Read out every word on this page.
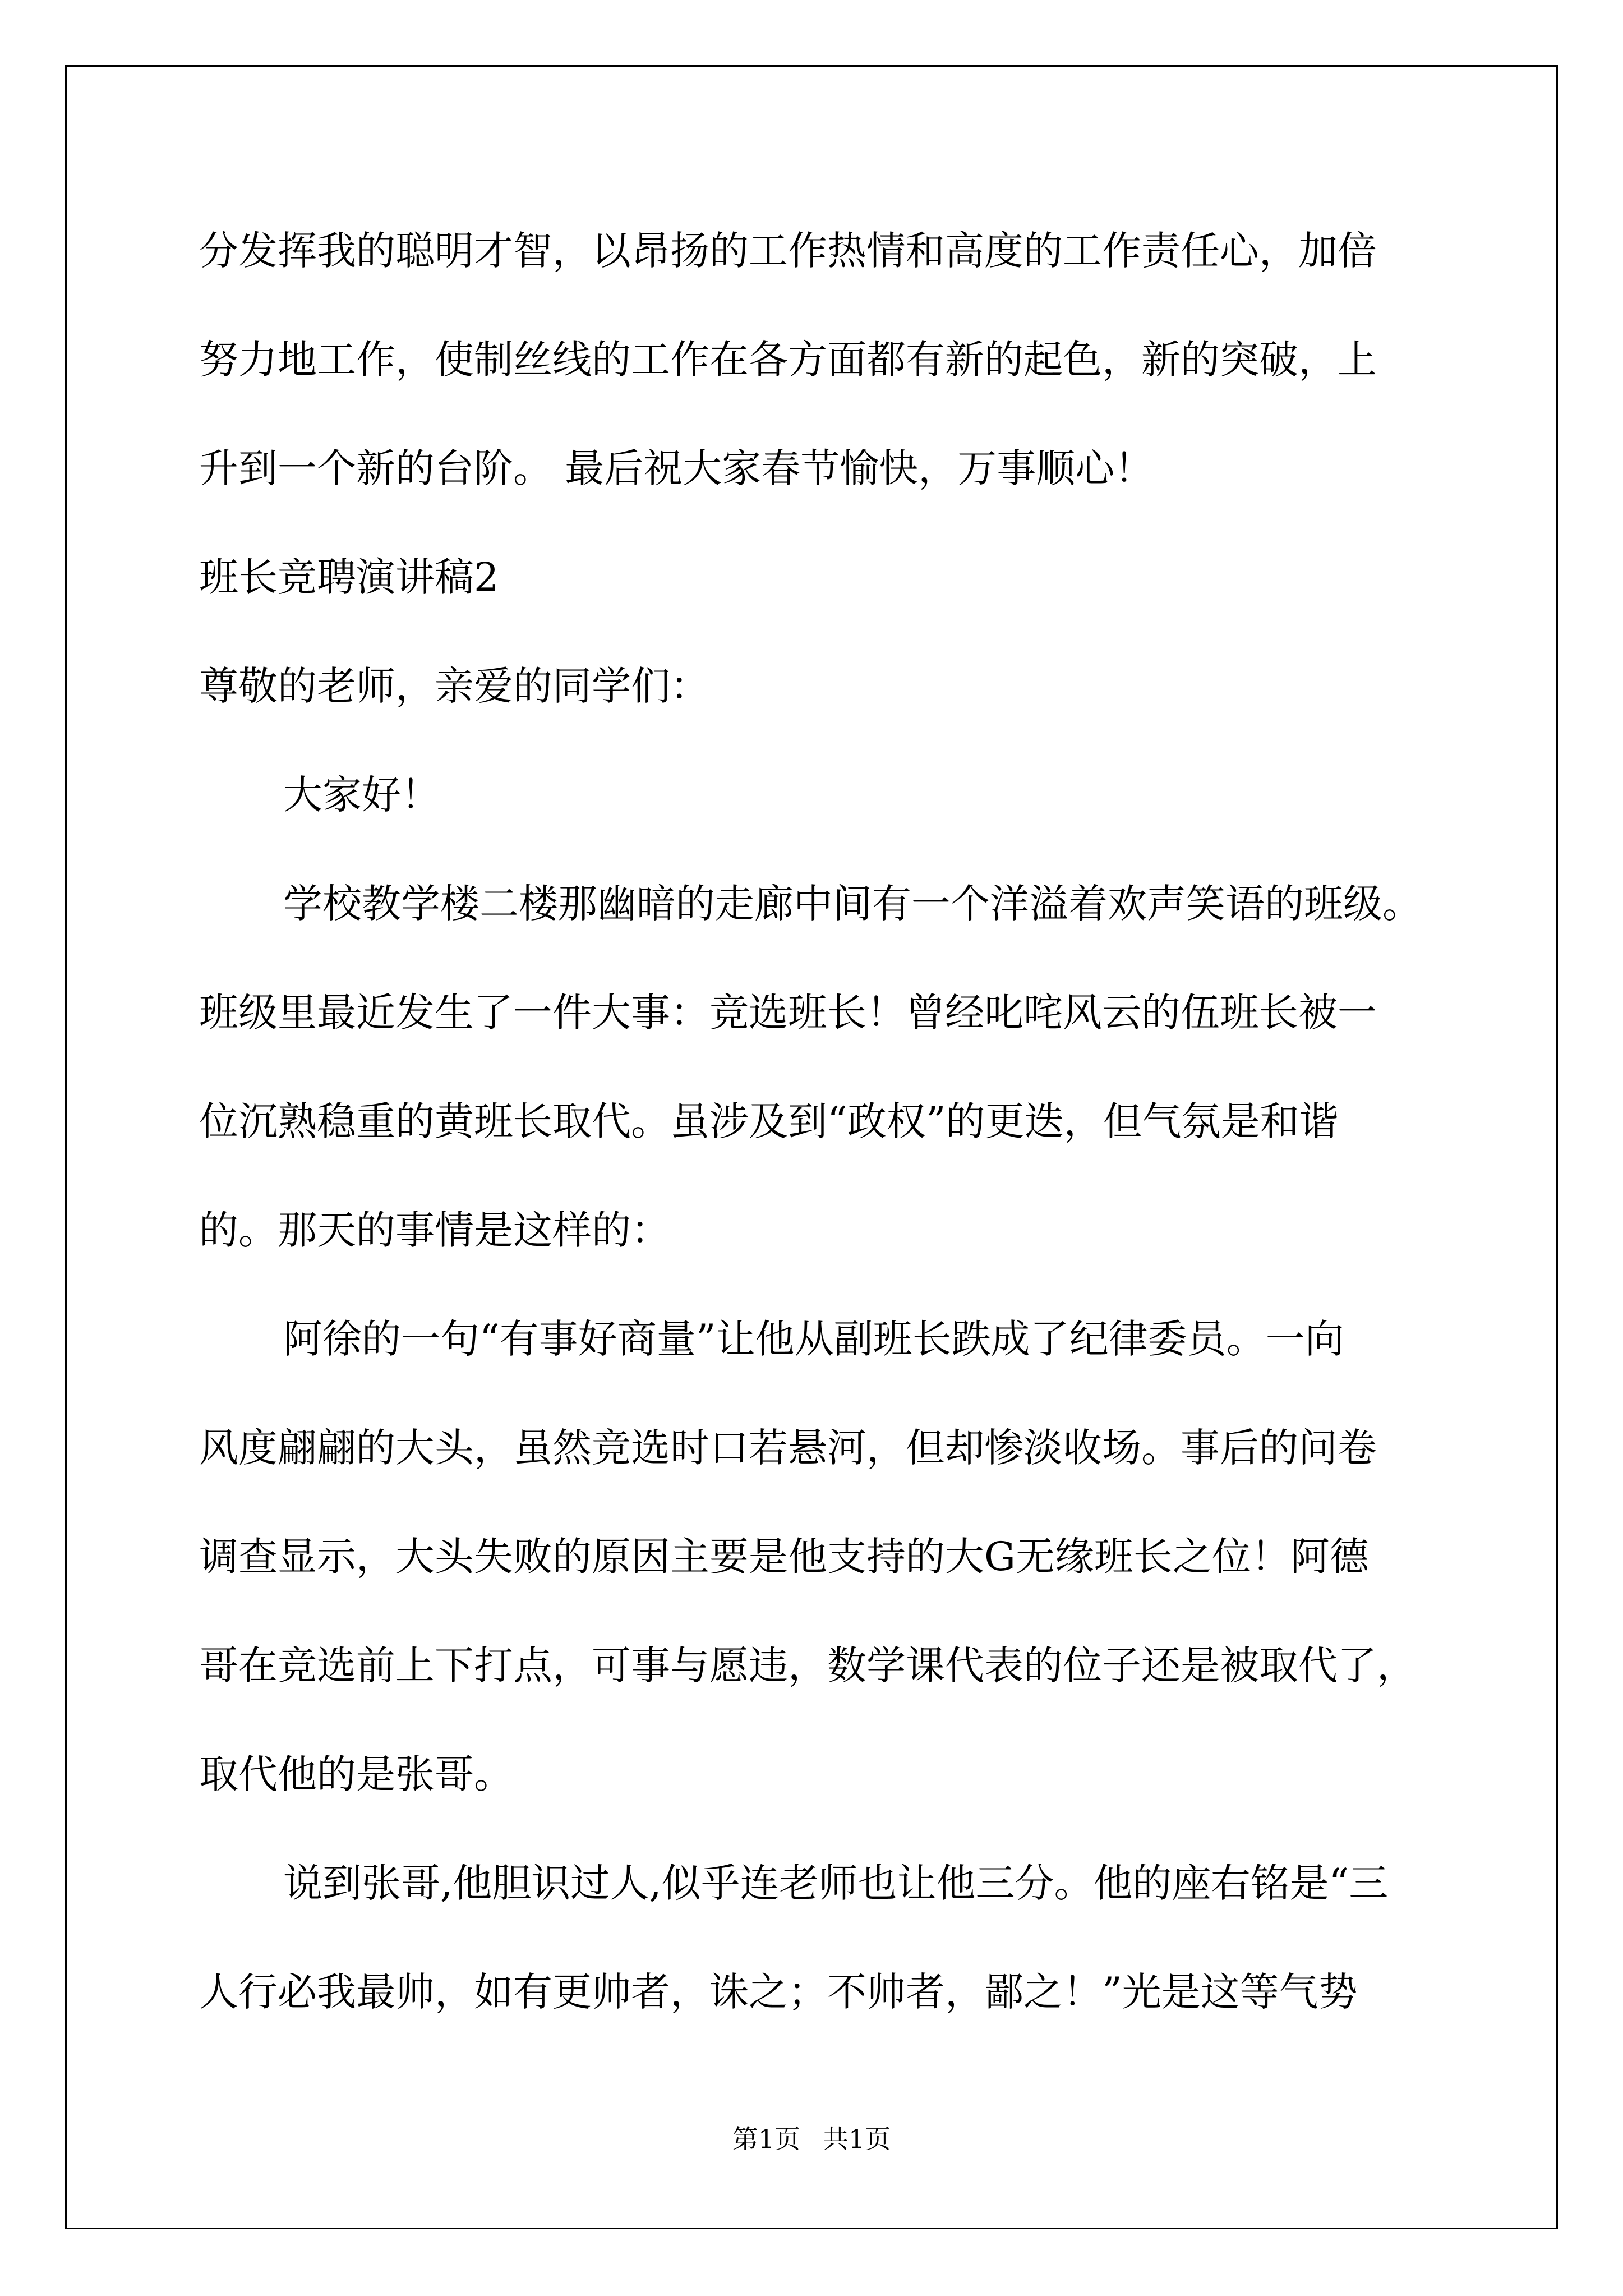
分发挥我的聪明才智，以昂扬的工作热情和高度的工作责任心，加倍
努力地工作，使制丝线的工作在各方面都有新的起色，新的突破，上
升到一个新的台阶。 最后祝大家春节愉快，万事顺心！
班长竞聘演讲稿2
尊敬的老师，亲爱的同学们：
大家好！
学校教学楼二楼那幽暗的走廊中间有一个洋溢着欢声笑语的班级。
班级里最近发生了一件大事：竞选班长！曾经叱咤风云的伍班长被一
位沉熟稳重的黄班长取代。虽涉及到“政权”的更迭，但气氛是和谐
的。那天的事情是这样的：
阿徐的一句“有事好商量”让他从副班长跌成了纪律委员。一向
风度翩翩的大头，虽然竞选时口若悬河，但却惨淡收场。事后的问卷
调查显示，大头失败的原因主要是他支持的大G无缘班长之位！阿德
哥在竞选前上下打点，可事与愿违，数学课代表的位子还是被取代了，
取代他的是张哥。
说到张哥,他胆识过人,似乎连老师也让他三分。他的座右铭是“三
人行必我最帅，如有更帅者，诛之；不帅者，鄙之！”光是这等气势
第1页 共1页
